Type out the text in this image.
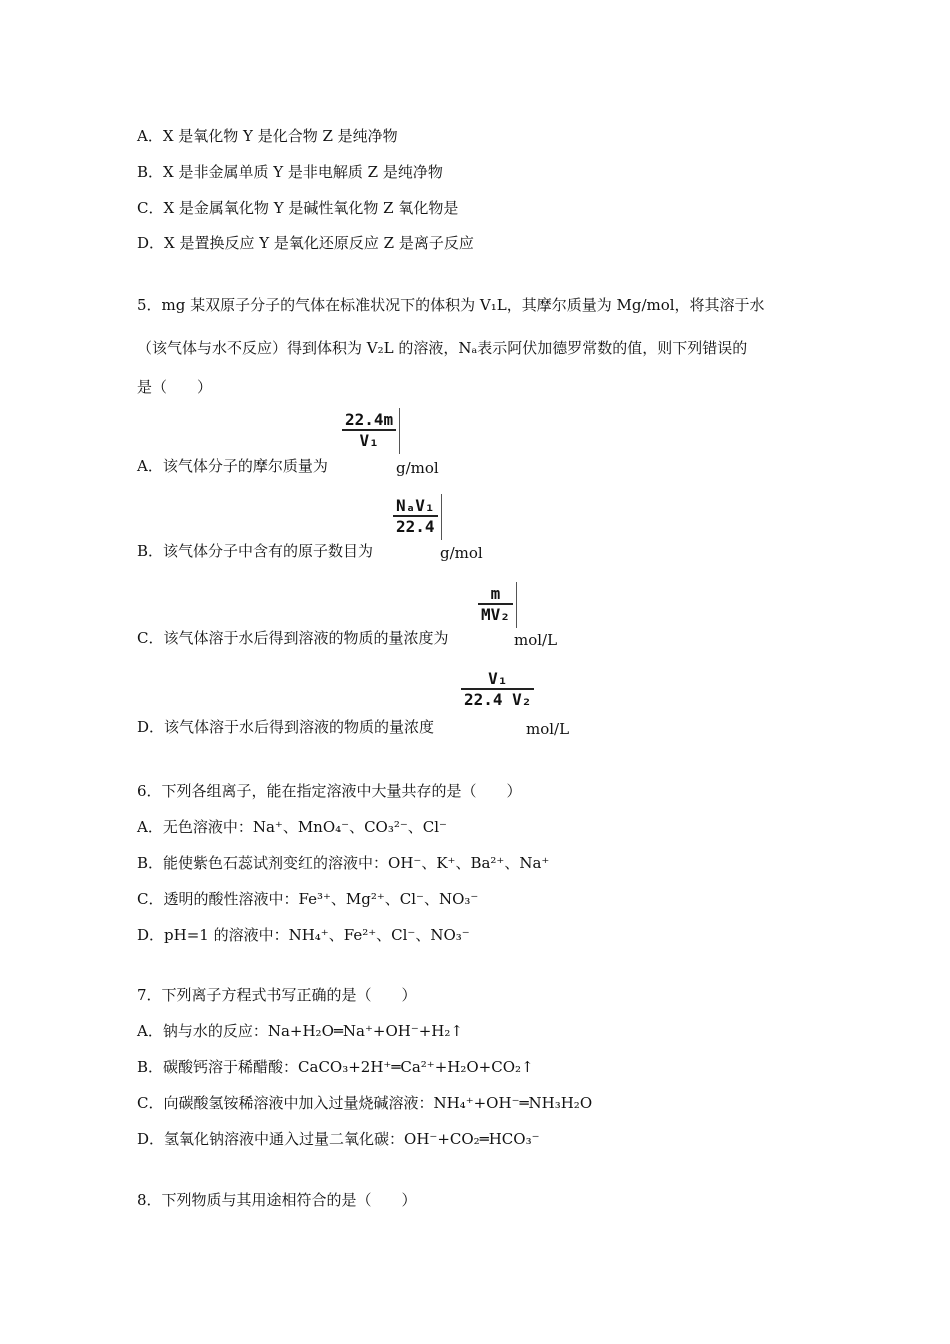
A．X 是氧化物 Y 是化合物 Z 是纯净物
B．X 是非金属单质 Y 是非电解质 Z 是纯净物
C．X 是金属氧化物 Y 是碱性氧化物 Z 氧化物是
D．X 是置换反应 Y 是氧化还原反应 Z 是离子反应
5．mg 某双原子分子的气体在标准状况下的体积为 V₁L，其摩尔质量为 Mg/mol，将其溶于水
（该气体与水不反应）得到体积为 V₂L 的溶液，Nₐ表示阿伏加德罗常数的值，则下列错误的
是（　　）
A．该气体分子的摩尔质量为
22.4m
V₁
g/mol
B．该气体分子中含有的原子数目为
NₐV₁
22.4
g/mol
C．该气体溶于水后得到溶液的物质的量浓度为
m
MV₂
mol/L
D．该气体溶于水后得到溶液的物质的量浓度
V₁
22.4 V₂
mol/L
6．下列各组离子，能在指定溶液中大量共存的是（　　）
A．无色溶液中：Na⁺、MnO₄⁻、CO₃²⁻、Cl⁻
B．能使紫色石蕊试剂变红的溶液中：OH⁻、K⁺、Ba²⁺、Na⁺
C．透明的酸性溶液中：Fe³⁺、Mg²⁺、Cl⁻、NO₃⁻
D．pH=1 的溶液中：NH₄⁺、Fe²⁺、Cl⁻、NO₃⁻
7．下列离子方程式书写正确的是（　　）
A．钠与水的反应：Na+H₂O═Na⁺+OH⁻+H₂↑
B．碳酸钙溶于稀醋酸：CaCO₃+2H⁺═Ca²⁺+H₂O+CO₂↑
C．向碳酸氢铵稀溶液中加入过量烧碱溶液：NH₄⁺+OH⁻═NH₃H₂O
D．氢氧化钠溶液中通入过量二氧化碳：OH⁻+CO₂═HCO₃⁻
8．下列物质与其用途相符合的是（　　）
